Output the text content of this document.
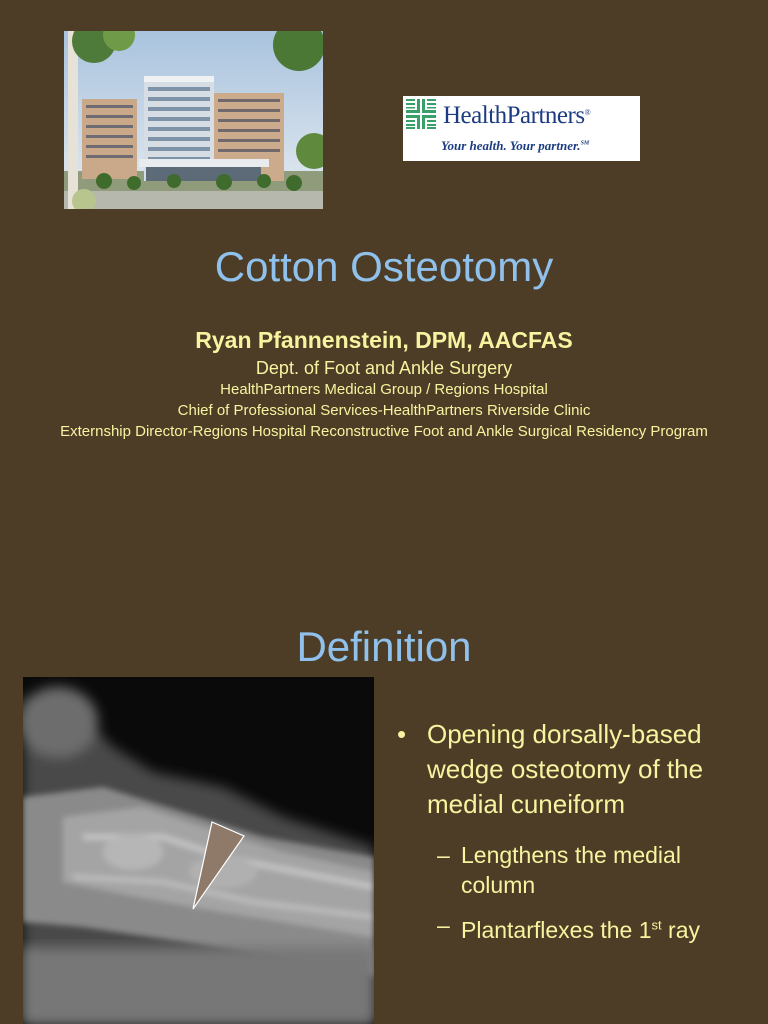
HealthPartners®
Your health. Your partner.℠
Cotton Osteotomy

Ryan Pfannenstein, DPM, AACFAS

Dept. of Foot and Ankle Surgery

HealthPartners Medical Group / Regions Hospital

Chief of Professional Services-HealthPartners Riverside Clinic

Externship Director-Regions Hospital Reconstructive Foot and Ankle Surgical Residency Program

Definition
• Opening dorsally-based wedge osteotomy of the medial cuneiform
– Lengthens the medial column
– Plantarflexes the 1st ray
